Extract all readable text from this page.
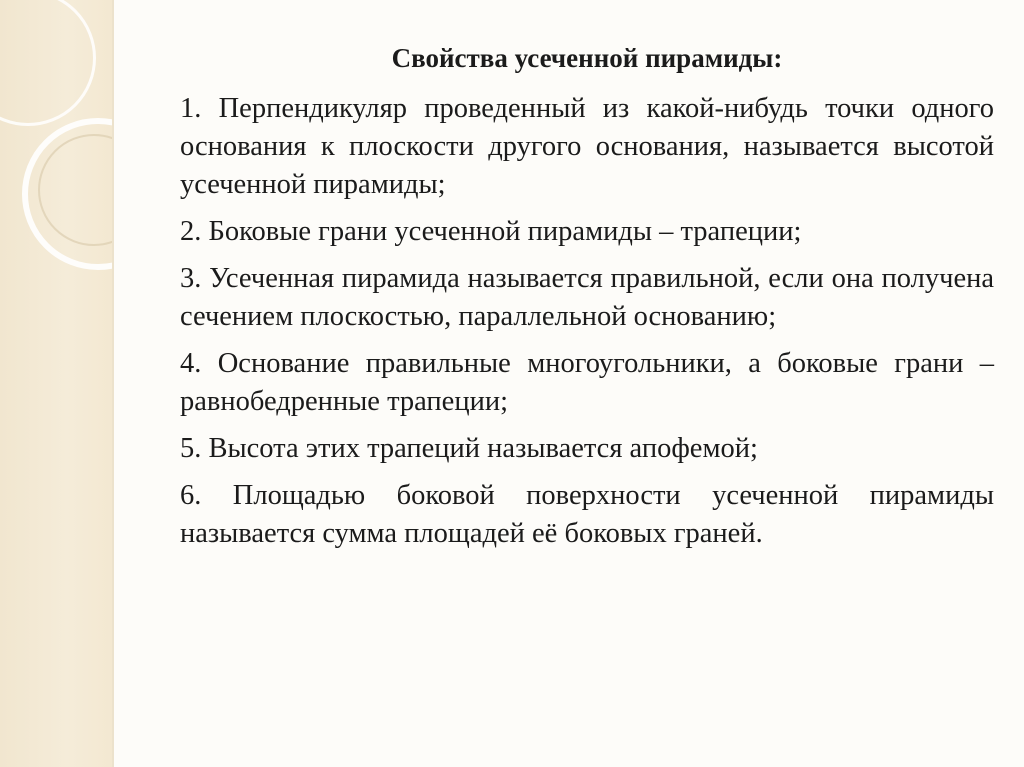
Свойства усеченной пирамиды:
1. Перпендикуляр проведенный из какой-нибудь точки одного основания к плоскости другого основания, называется высотой усеченной пирамиды;
2. Боковые грани усеченной пирамиды – трапеции;
3. Усеченная пирамида называется правильной, если она получена сечением плоскостью, параллельной основанию;
4. Основание правильные многоугольники, а боковые грани – равнобедренные трапеции;
5. Высота этих трапеций называется апофемой;
6. Площадью боковой поверхности усеченной пирамиды называется сумма площадей её боковых граней.
